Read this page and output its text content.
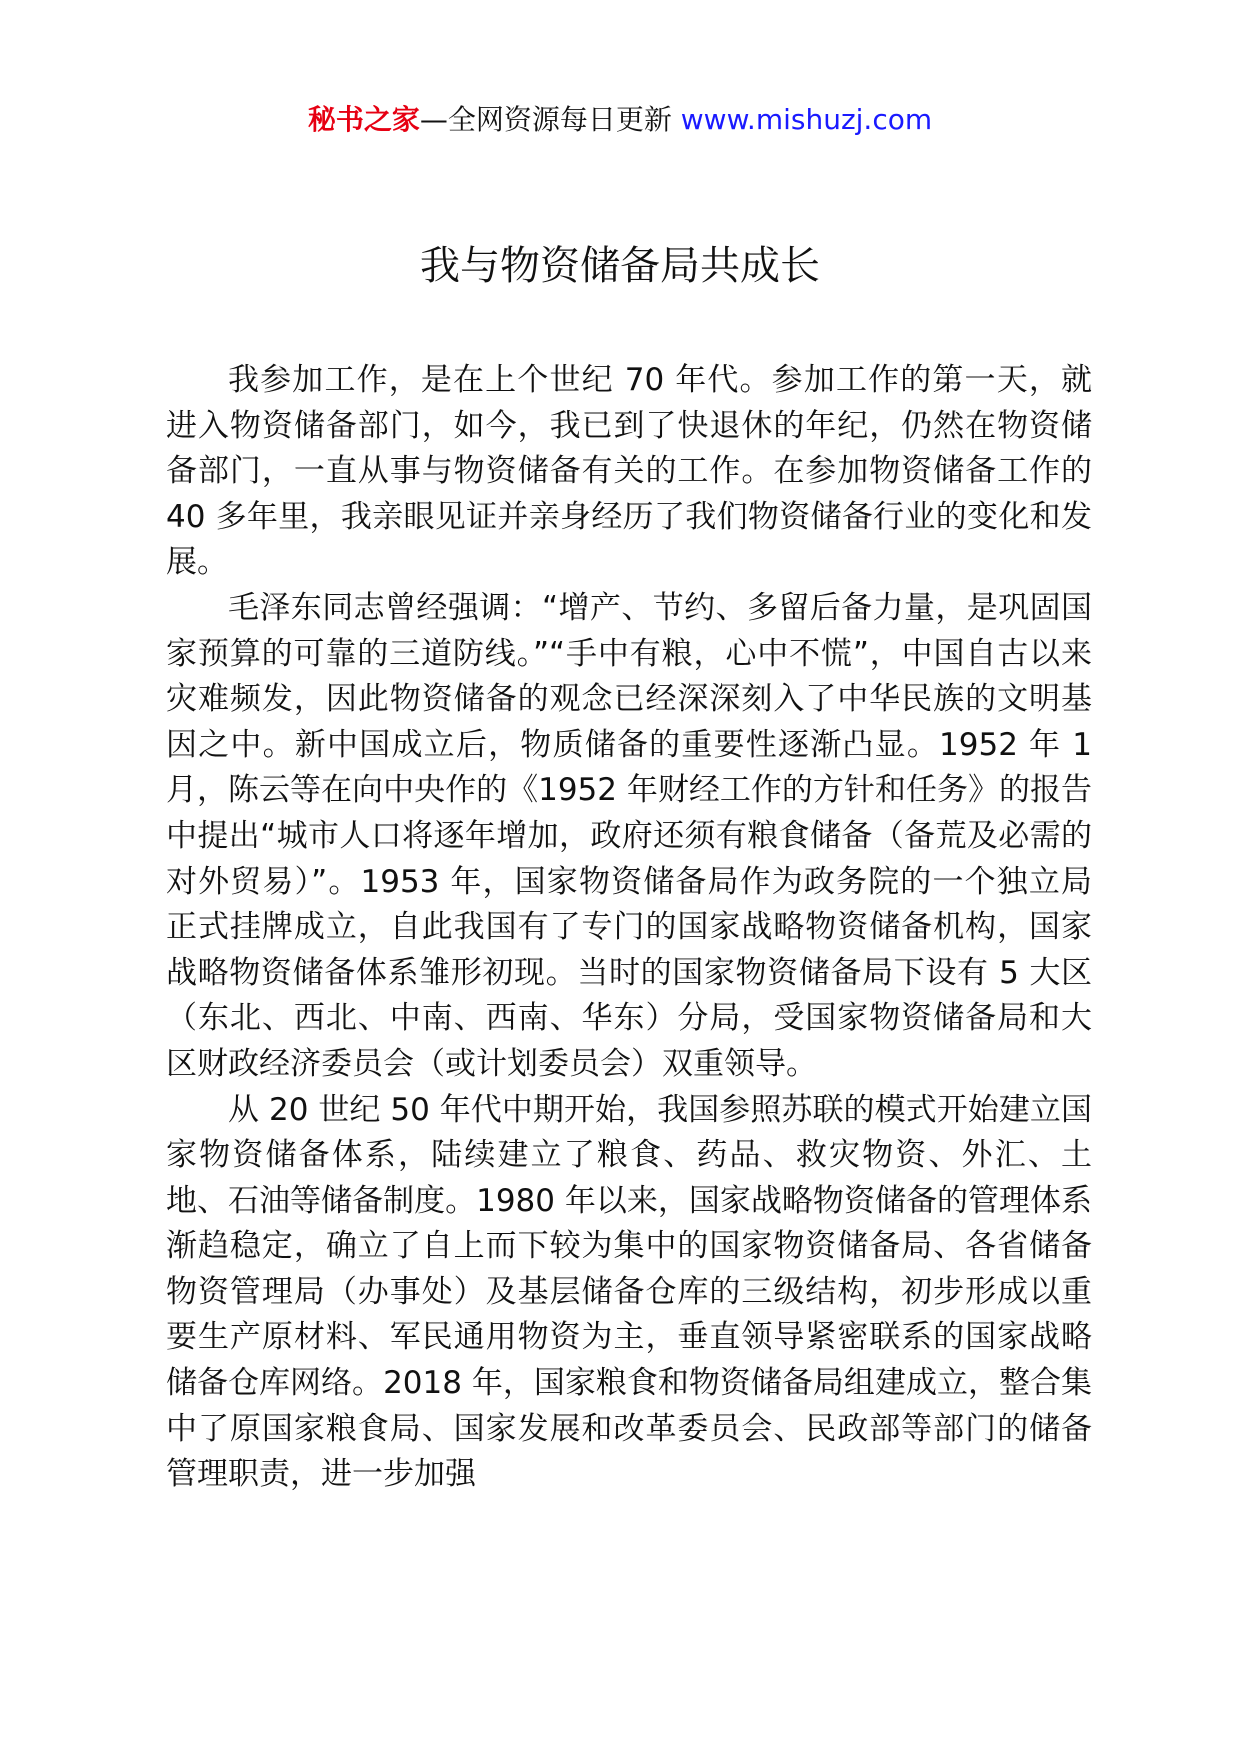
秘书之家—全网资源每日更新 www.mishuzj.com
我与物资储备局共成长

我参加工作，是在上个世纪 70 年代。参加工作的第一天，就进入物资储备部门，如今，我已到了快退休的年纪，仍然在物资储备部门，一直从事与物资储备有关的工作。在参加物资储备工作的 40 多年里，我亲眼见证并亲身经历了我们物资储备行业的变化和发展。

毛泽东同志曾经强调：“增产、节约、多留后备力量，是巩固国家预算的可靠的三道防线。”“手中有粮，心中不慌”，中国自古以来灾难频发，因此物资储备的观念已经深深刻入了中华民族的文明基因之中。新中国成立后，物质储备的重要性逐渐凸显。1952 年 1 月，陈云等在向中央作的《1952 年财经工作的方针和任务》的报告中提出“城市人口将逐年增加，政府还须有粮食储备（备荒及必需的对外贸易）”。1953 年，国家物资储备局作为政务院的一个独立局正式挂牌成立，自此我国有了专门的国家战略物资储备机构，国家战略物资储备体系雏形初现。当时的国家物资储备局下设有 5 大区（东北、西北、中南、西南、华东）分局，受国家物资储备局和大区财政经济委员会（或计划委员会）双重领导。

从 20 世纪 50 年代中期开始，我国参照苏联的模式开始建立国家物资储备体系，陆续建立了粮食、药品、救灾物资、外汇、土地、石油等储备制度。1980 年以来，国家战略物资储备的管理体系渐趋稳定，确立了自上而下较为集中的国家物资储备局、各省储备物资管理局（办事处）及基层储备仓库的三级结构，初步形成以重要生产原材料、军民通用物资为主，垂直领导紧密联系的国家战略储备仓库网络。2018 年，国家粮食和物资储备局组建成立，整合集中了原国家粮食局、国家发展和改革委员会、民政部等部门的储备管理职责，进一步加强
